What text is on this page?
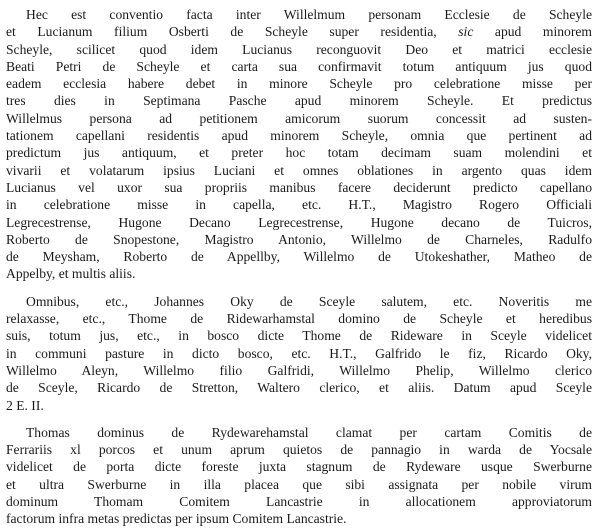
Hec est conventio facta inter Willelmum personam Ecclesie de Scheyle
et Lucianum filium Osberti de Scheyle super residentia, sic apud minorem
Scheyle, scilicet quod idem Lucianus reconguovit Deo et matrici ecclesie
Beati Petri de Scheyle et carta sua confirmavit totum antiquum jus quod
eadem ecclesia habere debet in minore Scheyle pro celebratione misse per
tres dies in Septimana Pasche apud minorem Scheyle. Et predictus
Willelmus persona ad petitionem amicorum suorum concessit ad susten-
tationem capellani residentis apud minorem Scheyle, omnia que pertinent ad
predictum jus antiquum, et preter hoc totam decimam suam molendini et
vivarii et volatarum ipsius Luciani et omnes oblationes in argento quas idem
Lucianus vel uxor sua propriis manibus facere deciderunt predicto capellano
in celebratione misse in capella, etc. H.T., Magistro Rogero Officiali
Legrecestrense, Hugone Decano Legrecestrense, Hugone decano de Tuicros,
Roberto de Snopestone, Magistro Antonio, Willelmo de Charneles, Radulfo
de Meysham, Roberto de Appellby, Willelmo de Utokeshather, Matheo de
Appelby, et multis aliis.

Omnibus, etc., Johannes Oky de Sceyle salutem, etc. Noveritis me
relaxasse, etc., Thome de Ridewarhamstal domino de Scheyle et heredibus
suis, totum jus, etc., in bosco dicte Thome de Rideware in Sceyle videlicet
in communi pasture in dicto bosco, etc. H.T., Galfrido le fiz, Ricardo Oky,
Willelmo Aleyn, Willelmo filio Galfridi, Willelmo Phelip, Willelmo clerico
de Sceyle, Ricardo de Stretton, Waltero clerico, et aliis. Datum apud Sceyle
2 E. II.

Thomas dominus de Rydewarehamstal clamat per cartam Comitis de
Ferrariis xl porcos et unum aprum quietos de pannagio in warda de Yocsale
videlicet de porta dicte foreste juxta stagnum de Rydeware usque Swerburne
et ultra Swerburne in illa placea que sibi assignata per nobile virum
dominum Thomam Comitem Lancastrie in allocationem approviatorum
factorum infra metas predictas per ipsum Comitem Lancastrie.
